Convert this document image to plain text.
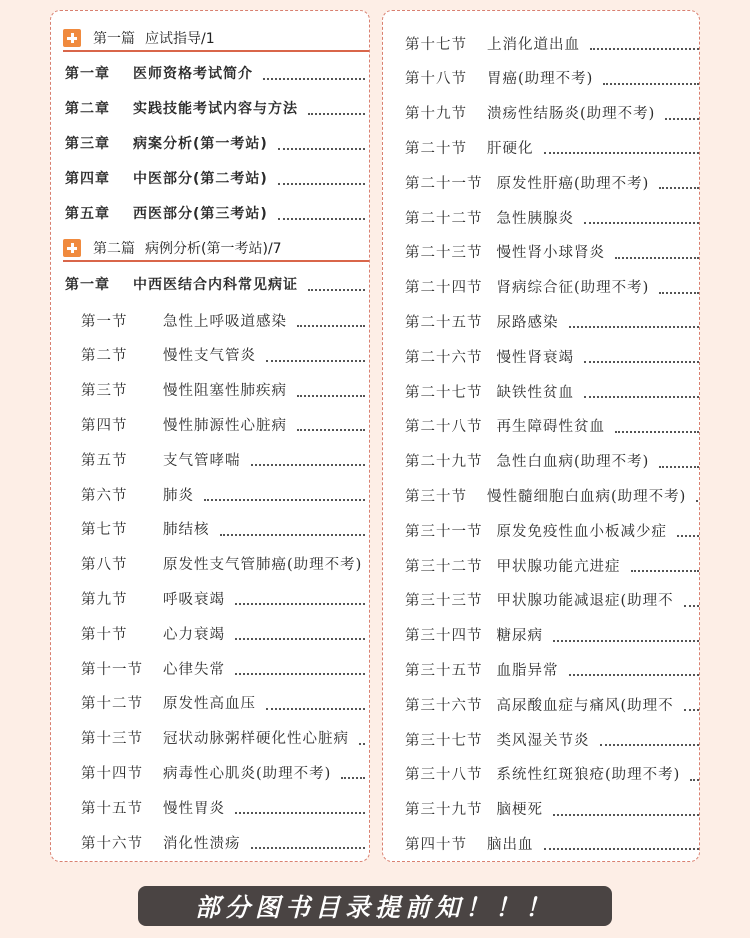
第一篇 应试指导/1
第一章	医师资格考试简介
第二章	实践技能考试内容与方法
第三章	病案分析(第一考站)
第四章	中医部分(第二考站)
第五章	西医部分(第三考站)
第二篇 病例分析(第一考站)/7
第一章	中西医结合内科常见病证
第一节	急性上呼吸道感染
第二节	慢性支气管炎
第三节	慢性阻塞性肺疾病
第四节	慢性肺源性心脏病
第五节	支气管哮喘
第六节	肺炎
第七节	肺结核
第八节	原发性支气管肺癌(助理不考)
第九节	呼吸衰竭
第十节	心力衰竭
第十一节	心律失常
第十二节	原发性高血压
第十三节	冠状动脉粥样硬化性心脏病
第十四节	病毒性心肌炎(助理不考)
第十五节	慢性胃炎
第十六节	消化性溃疡
第十七节	上消化道出血
第十八节	胃癌(助理不考)
第十九节	溃疡性结肠炎(助理不考)
第二十节	肝硬化
第二十一节 原发性肝癌(助理不考)
第二十二节 急性胰腺炎
第二十三节 慢性肾小球肾炎
第二十四节 肾病综合征(助理不考)
第二十五节 尿路感染
第二十六节 慢性肾衰竭
第二十七节 缺铁性贫血
第二十八节 再生障碍性贫血
第二十九节 急性白血病(助理不考)
第三十节	慢性髓细胞白血病(助理不考)
第三十一节 原发免疫性血小板减少症
第三十二节 甲状腺功能亢进症
第三十三节 甲状腺功能减退症(助理不
第三十四节 糖尿病
第三十五节 血脂异常
第三十六节 高尿酸血症与痛风(助理不
第三十七节 类风湿关节炎
第三十八节 系统性红斑狼疮(助理不考)
第三十九节 脑梗死
第四十节	脑出血
部分图书目录提前知！！！
